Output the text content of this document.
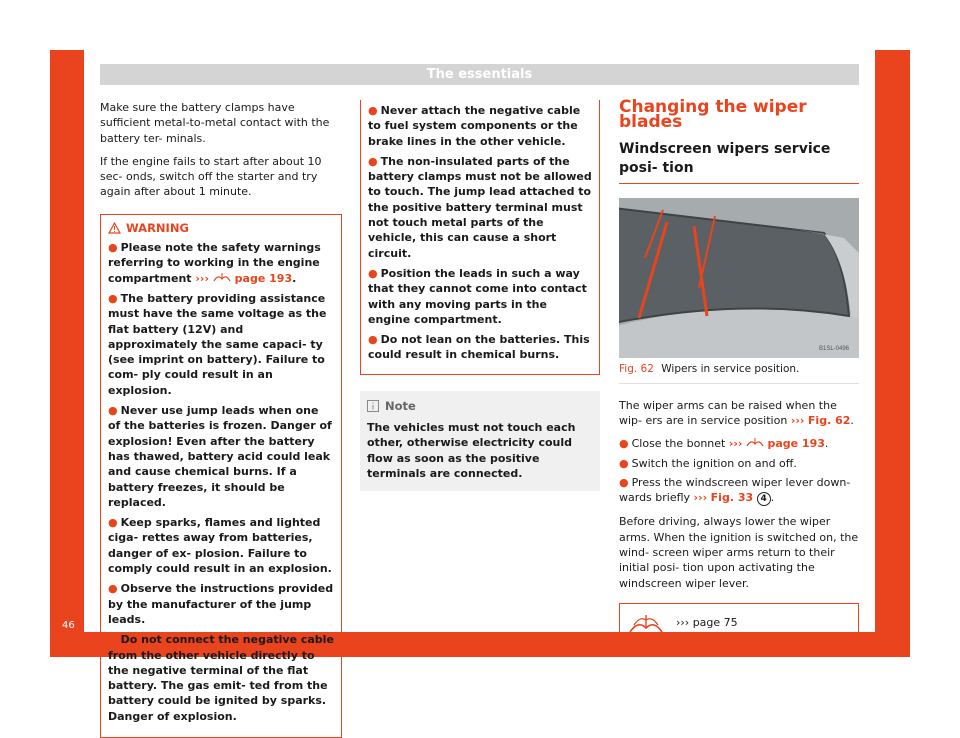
The essentials

Make sure the battery clamps have sufficient metal-to-metal contact with the battery ter- minals.

If the engine fails to start after about 10 sec- onds, switch off the starter and try again after about 1 minute.

WARNING
● Please note the safety warnings referring to working in the engine compartment ››› page 193.
● The battery providing assistance must have the same voltage as the flat battery (12V) and approximately the same capaci- ty (see imprint on battery). Failure to com- ply could result in an explosion.
● Never use jump leads when one of the batteries is frozen. Danger of explosion! Even after the battery has thawed, battery acid could leak and cause chemical burns. If a battery freezes, it should be replaced.
● Keep sparks, flames and lighted ciga- rettes away from batteries, danger of ex- plosion. Failure to comply could result in an explosion.
● Observe the instructions provided by the manufacturer of the jump leads.
● Do not connect the negative cable from the other vehicle directly to the negative terminal of the flat battery. The gas emit- ted from the battery could be ignited by sparks. Danger of explosion.
● Never attach the negative cable to fuel system components or the brake lines in the other vehicle.
● The non-insulated parts of the battery clamps must not be allowed to touch. The jump lead attached to the positive battery terminal must not touch metal parts of the vehicle, this can cause a short circuit.
● Position the leads in such a way that they cannot come into contact with any moving parts in the engine compartment.
● Do not lean on the batteries. This could result in chemical burns.
Note
The vehicles must not touch each other, otherwise electricity could flow as soon as the positive terminals are connected.
Changing the wiper blades
Windscreen wipers service posi- tion
B1SL-0496
Fig. 62 Wipers in service position.

The wiper arms can be raised when the wip- ers are in service position ››› Fig. 62.

● Close the bonnet ››› page 193.
● Switch the ignition on and off.
● Press the windscreen wiper lever down- wards briefly ››› Fig. 33 4 .

Before driving, always lower the wiper arms. When the ignition is switched on, the wind- screen wiper arms return to their initial posi- tion upon activating the windscreen wiper lever.

››› page 75
46
